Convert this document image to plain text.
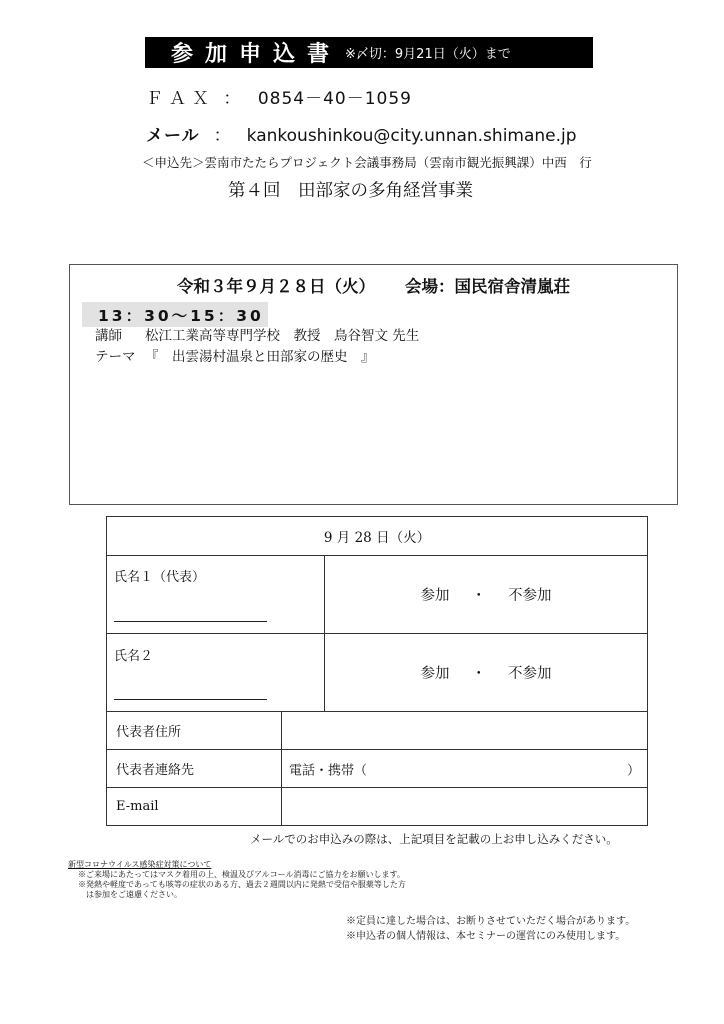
参加申込書 ※〆切：9月21日（火）まで
ＦＡＸ ： 0854－40－1059
メール ： kankoushinkou@city.unnan.shimane.jp
＜申込先＞雲南市たたらプロジェクト会議事務局（雲南市観光振興課）中西　行
第４回　田部家の多角経営事業
令和３年９月２８日（火） 会場：国民宿舎清嵐荘
13：30～15：30
講師 松江工業高等専門学校　教授　鳥谷智文 先生
テーマ 『　出雲湯村温泉と田部家の歴史　』
9 月 28 日（火）		

氏名１（代表）		参加 ・ 不参加

氏名２		参加 ・ 不参加
代表者住所		
代表者連絡先	電話・携帯（ ）	

E-mail		
メールでのお申込みの際は、上記項目を記載の上お申し込みください。
新型コロナウイルス感染症対策について
※ご来場にあたってはマスク着用の上、検温及びアルコール消毒にご協力をお願いします。
※発熱や軽度であっても咳等の症状のある方、過去２週間以内に発熱で受信や服薬等した方
は参加をご遠慮ください。
※定員に達した場合は、お断りさせていただく場合があります。
※申込者の個人情報は、本セミナーの運営にのみ使用します。
